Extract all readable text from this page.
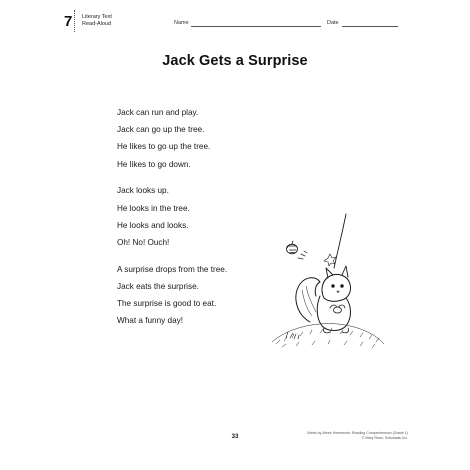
7 Literary Text
Read-Aloud	Name	Date
Jack Gets a Surprise
Jack can run and play.
Jack can go up the tree.
He likes to go up the tree.
He likes to go down.
Jack looks up.
He looks in the tree.
He looks and looks.
Oh! No! Ouch!
A surprise drops from the tree.
Jack eats the surprise.
The surprise is good to eat.
What a funny day!
33
Week-by-Week Homework: Reading Comprehension (Grade 1)
© Mary Rose, Scholastic Inc.
